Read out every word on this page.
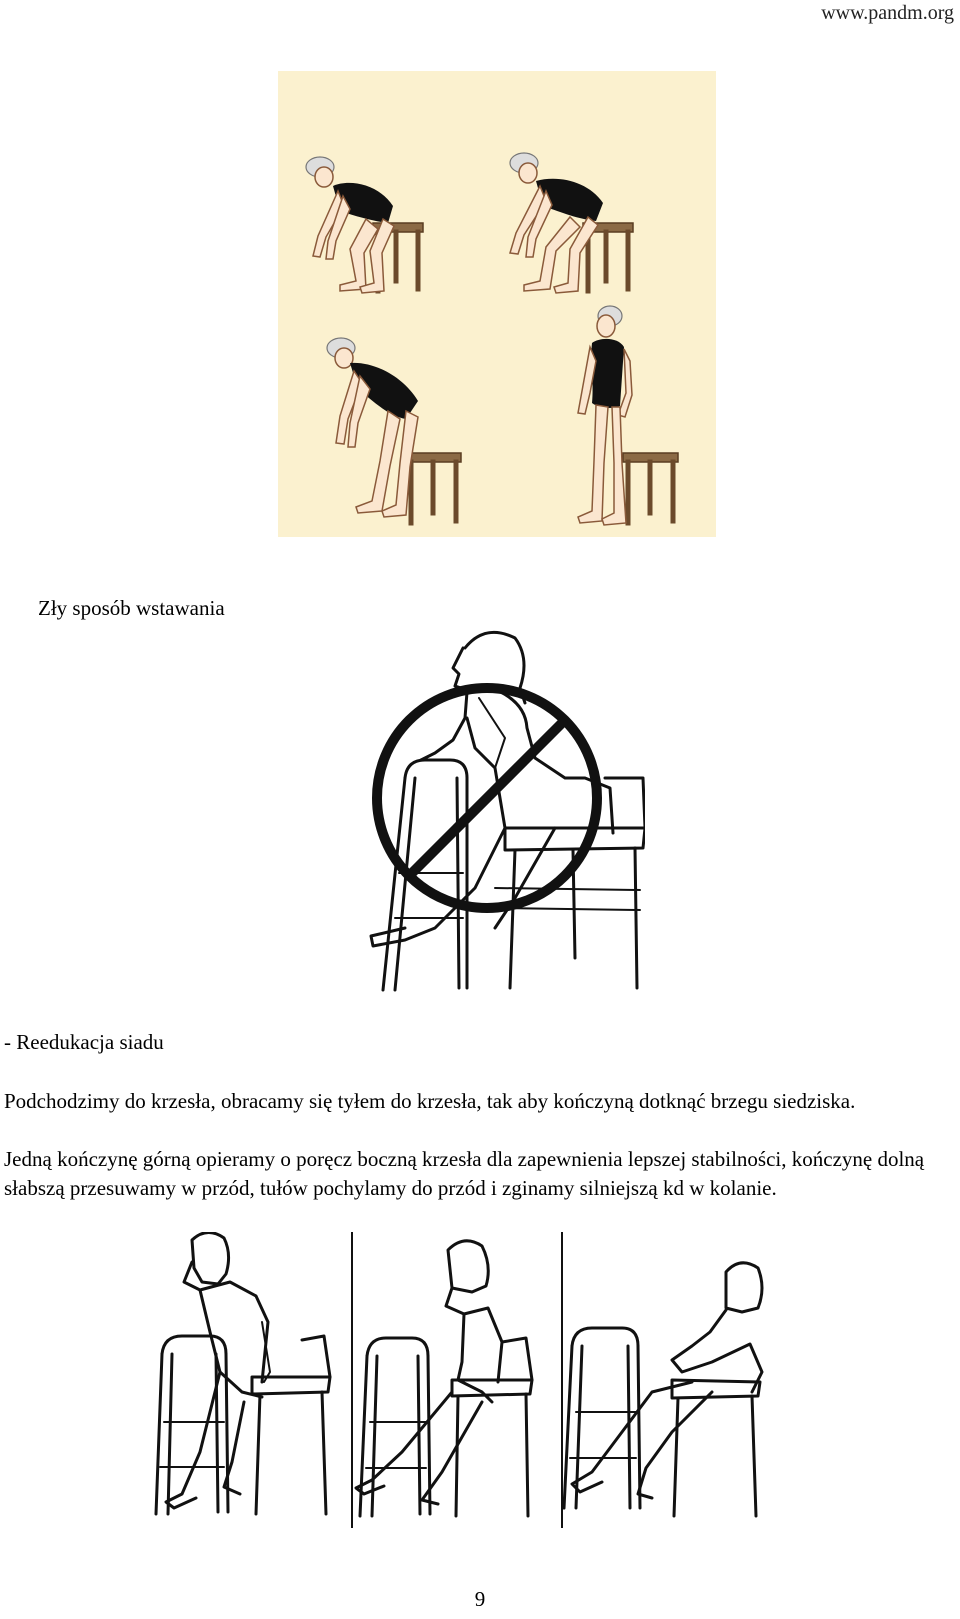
www.pandm.org
Zły sposób wstawania
- Reedukacja siadu

Podchodzimy do krzesła, obracamy się tyłem do krzesła, tak aby kończyną dotknąć brzegu siedziska.

Jedną kończynę górną opieramy o poręcz boczną krzesła dla zapewnienia lepszej stabilności, kończynę dolną słabszą przesuwamy w przód, tułów pochylamy do przód i zginamy silniejszą kd w kolanie.

9
